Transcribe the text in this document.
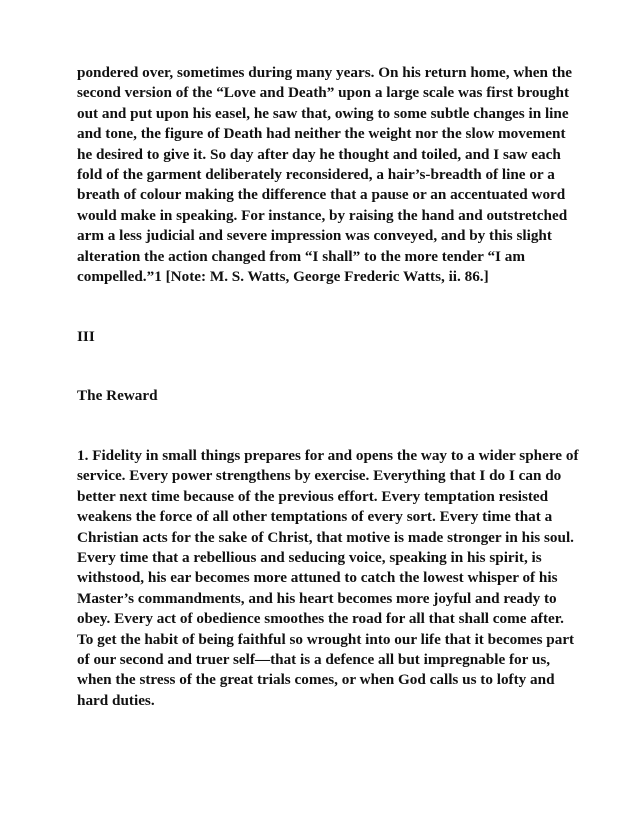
pondered over, sometimes during many years. On his return home, when the
second version of the “Love and Death” upon a large scale was first brought
out and put upon his easel, he saw that, owing to some subtle changes in line
and tone, the figure of Death had neither the weight nor the slow movement
he desired to give it. So day after day he thought and toiled, and I saw each
fold of the garment deliberately reconsidered, a hair’s-breadth of line or a
breath of colour making the difference that a pause or an accentuated word
would make in speaking. For instance, by raising the hand and outstretched
arm a less judicial and severe impression was conveyed, and by this slight
alteration the action changed from “I shall” to the more tender “I am
compelled.”1 [Note: M. S. Watts, George Frederic Watts, ii. 86.]

III

The Reward

1. Fidelity in small things prepares for and opens the way to a wider sphere of
service. Every power strengthens by exercise. Everything that I do I can do
better next time because of the previous effort. Every temptation resisted
weakens the force of all other temptations of every sort. Every time that a
Christian acts for the sake of Christ, that motive is made stronger in his soul.
Every time that a rebellious and seducing voice, speaking in his spirit, is
withstood, his ear becomes more attuned to catch the lowest whisper of his
Master’s commandments, and his heart becomes more joyful and ready to
obey. Every act of obedience smoothes the road for all that shall come after.
To get the habit of being faithful so wrought into our life that it becomes part
of our second and truer self—that is a defence all but impregnable for us,
when the stress of the great trials comes, or when God calls us to lofty and
hard duties.
